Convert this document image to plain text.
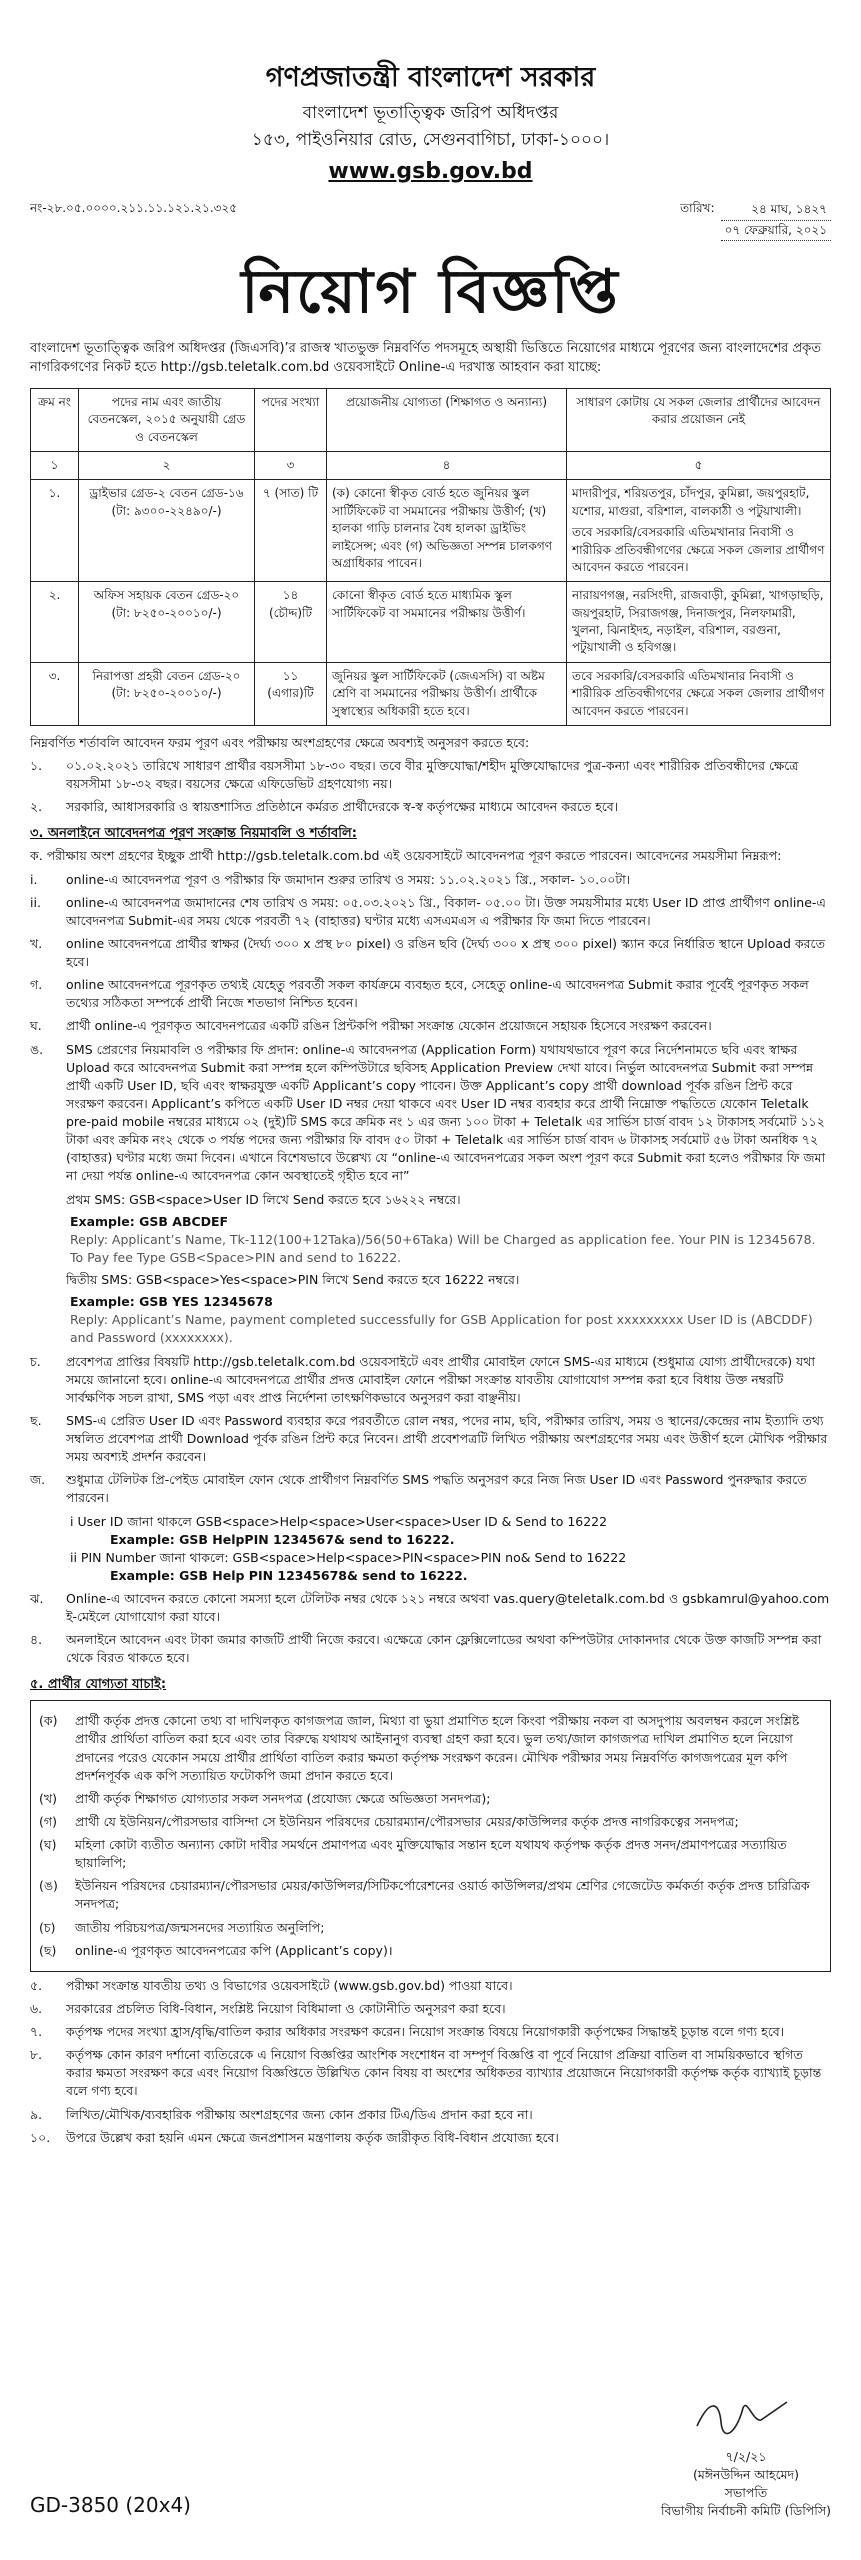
গণপ্রজাতন্ত্রী বাংলাদেশ সরকার
বাংলাদেশ ভূতাত্ত্বিক জরিপ অধিদপ্তর
১৫৩, পাইওনিয়ার রোড, সেগুনবাগিচা, ঢাকা-১০০০।
www.gsb.gov.bd
নং-২৮.০৫.০০০০.২১১.১১.১২১.২১.৩২৫	তারিখ:	২৪ মাঘ, ১৪২৭
০৭ ফেব্রুয়ারি, ২০২১
নিয়োগ বিজ্ঞপ্তি
বাংলাদেশ ভূতাত্ত্বিক জরিপ অধিদপ্তর (জিএসবি)’র রাজস্ব খাতভুক্ত নিম্নবর্ণিত পদসমূহে অস্থায়ী ভিত্তিতে নিয়োগের মাধ্যমে পূরণের জন্য বাংলাদেশের প্রকৃত নাগরিকগণের নিকট হতে http://gsb.teletalk.com.bd ওয়েবসাইটে Online-এ দরখাস্ত আহবান করা যাচ্ছে:
ক্রম নং	পদের নাম এবং জাতীয় বেতনস্কেল, ২০১৫ অনুযায়ী গ্রেড ও বেতনস্কেল	পদের সংখ্যা	প্রয়োজনীয় যোগ্যতা (শিক্ষাগত ও অন্যান্য)	সাধারণ কোটায় যে সকল জেলার প্রার্থীদের আবেদন করার প্রয়োজন নেই
১	২	৩	৪	৫
১.	ড্রাইভার গ্রেড-২ বেতন গ্রেড-১৬ (টা: ৯৩০০-২২৪৯০/-)	৭ (সাত) টি	(ক) কোনো স্বীকৃত বোর্ড হতে জুনিয়র স্কুল সার্টিফিকেট বা সমমানের পরীক্ষায় উত্তীর্ণ; (খ) হালকা গাড়ি চালনার বৈধ হালকা ড্রাইভিং লাইসেন্স; এবং (গ) অভিজ্ঞতা সম্পন্ন চালকগণ অগ্রাধিকার পাবেন।	মাদারীপুর, শরিয়তপুর, চাঁদপুর, কুমিল্লা, জয়পুরহাট, যশোর, মাগুরা, বরিশাল, বালকাঠী ও পটুয়াখালী।
তবে সরকারি/বেসরকারি এতিমখানার নিবাসী ও শারীরিক প্রতিবন্ধীগণের ক্ষেত্রে সকল জেলার প্রার্থীগণ আবেদন করতে পারবেন।

২.	অফিস সহায়ক বেতন গ্রেড-২০ (টা: ৮২৫০-২০০১০/-)	১৪ (চৌদ্দ)টি	কোনো স্বীকৃত বোর্ড হতে মাধ্যমিক স্কুল সার্টিফিকেট বা সমমানের পরীক্ষায় উত্তীর্ণ।	নারায়ণগঞ্জ, নরসিংদী, রাজবাড়ী, কুমিল্লা, খাগড়াছড়ি, জয়পুরহাট, সিরাজগঞ্জ, দিনাজপুর, নিলফামারী, খুলনা, ঝিনাইদহ, নড়াইল, বরিশাল, বরগুনা, পটুয়াখালী ও হবিগঞ্জ।
৩.	নিরাপত্তা প্রহরী বেতন গ্রেড-২০ (টা: ৮২৫০-২০০১০/-)	১১ (এগার)টি	জুনিয়র স্কুল সার্টিফিকেট (জেএসসি) বা অষ্টম শ্রেণি বা সমমানের পরীক্ষায় উত্তীর্ণ। প্রার্থীকে সুস্বাস্থ্যের অধিকারী হতে হবে।	তবে সরকারি/বেসরকারি এতিমখানার নিবাসী ও শারীরিক প্রতিবন্ধীগণের ক্ষেত্রে সকল জেলার প্রার্থীগণ আবেদন করতে পারবেন।
নিম্নবর্ণিত শর্তাবলি আবেদন ফরম পূরণ এবং পরীক্ষায় অংশগ্রহণের ক্ষেত্রে অবশ্যই অনুসরণ করতে হবে:
১.	০১.০২.২০২১ তারিখে সাধারণ প্রার্থীর বয়সসীমা ১৮-৩০ বছর। তবে বীর মুক্তিযোদ্ধা/শহীদ মুক্তিযোদ্ধাদের পুত্র-কন্যা এবং শারীরিক প্রতিবন্ধীদের ক্ষেত্রে বয়সসীমা ১৮-৩২ বছর। বয়সের ক্ষেত্রে এফিডেভিট গ্রহণযোগ্য নয়।
২.	সরকারি, আধাসরকারি ও স্বায়ত্তশাসিত প্রতিষ্ঠানে কর্মরত প্রার্থীদেরকে স্ব-স্ব কর্তৃপক্ষের মাধ্যমে আবেদন করতে হবে।
৩. অনলাইনে আবেদনপত্র পূরণ সংক্রান্ত নিয়মাবলি ও শর্তাবলি:
ক. পরীক্ষায় অংশ গ্রহণের ইচ্ছুক প্রার্থী http://gsb.teletalk.com.bd এই ওয়েবসাইটে আবেদনপত্র পূরণ করতে পারবেন। আবেদনের সময়সীমা নিম্নরূপ:
i.	online-এ আবেদনপত্র পূরণ ও পরীক্ষার ফি জমাদান শুরুর তারিখ ও সময়: ১১.০২.২০২১ খ্রি., সকাল- ১০.০০টা।
ii.	online-এ আবেদনপত্র জমাদানের শেষ তারিখ ও সময়: ০৫.০৩.২০২১ খ্রি., বিকাল- ০৫.০০ টা। উক্ত সময়সীমার মধ্যে User ID প্রাপ্ত প্রার্থীগণ online-এ আবেদনপত্র Submit-এর সময় থেকে পরবর্তী ৭২ (বাহাত্তর) ঘণ্টার মধ্যে এসএমএস এ পরীক্ষার ফি জমা দিতে পারবেন।
খ.	online আবেদনপত্রে প্রার্থীর স্বাক্ষর (দৈর্ঘ্য ৩০০ x প্রস্থ ৮০ pixel) ও রঙিন ছবি (দৈর্ঘ্য ৩০০ x প্রস্থ ৩০০ pixel) স্ক্যান করে নির্ধারিত স্থানে Upload করতে হবে।
গ.	online আবেদনপত্রে পূরণকৃত তথ্যই যেহেতু পরবর্তী সকল কার্যক্রমে ব্যবহৃত হবে, সেহেতু online-এ আবেদনপত্র Submit করার পূর্বেই পূরণকৃত সকল তথ্যের সঠিকতা সম্পর্কে প্রার্থী নিজে শতভাগ নিশ্চিত হবেন।
ঘ.	প্রার্থী online-এ পূরণকৃত আবেদনপত্রের একটি রঙিন প্রিন্টকপি পরীক্ষা সংক্রান্ত যেকোন প্রয়োজনে সহায়ক হিসেবে সংরক্ষণ করবেন।
ঙ.	SMS প্রেরণের নিয়মাবলি ও পরীক্ষার ফি প্রদান: online-এ আবেদনপত্র (Application Form) যথাযথভাবে পূরণ করে নির্দেশনামতে ছবি এবং স্বাক্ষর Upload করে আবেদনপত্র Submit করা সম্পন্ন হলে কম্পিউটারে ছবিসহ Application Preview দেখা যাবে। নির্ভুল আবেদনপত্র Submit করা সম্পন্ন প্রার্থী একটি User ID, ছবি এবং স্বাক্ষরযুক্ত একটি Applicant’s copy পাবেন। উক্ত Applicant’s copy প্রার্থী download পূর্বক রঙিন প্রিন্ট করে সংরক্ষণ করবেন। Applicant’s কপিতে একটি User ID নম্বর দেয়া থাকবে এবং User ID নম্বর ব্যবহার করে প্রার্থী নিম্নোক্ত পদ্ধতিতে যেকোন Teletalk pre-paid mobile নম্বরের মাধ্যমে ০২ (দুই)টি SMS করে ক্রমিক নং ১ এর জন্য ১০০ টাকা + Teletalk এর সার্ভিস চার্জ বাবদ ১২ টাকাসহ সর্বমোট ১১২ টাকা এবং ক্রমিক নং২ থেকে ৩ পর্যন্ত পদের জন্য পরীক্ষার ফি বাবদ ৫০ টাকা + Teletalk এর সার্ভিস চার্জ বাবদ ৬ টাকাসহ সর্বমোট ৫৬ টাকা অনধিক ৭২ (বাহাত্তর) ঘণ্টার মধ্যে জমা দিবেন। এখানে বিশেষভাবে উল্লেখ্য যে “online-এ আবেদনপত্রের সকল অংশ পূরণ করে Submit করা হলেও পরীক্ষার ফি জমা না দেয়া পর্যন্ত online-এ আবেদনপত্র কোন অবস্থাতেই গৃহীত হবে না”
প্রথম SMS: GSB<space>User ID লিখে Send করতে হবে ১৬২২২ নম্বরে।
Example: GSB ABCDEF
Reply: Applicant’s Name, Tk-112(100+12Taka)/56(50+6Taka) Will be Charged as application fee. Your PIN is 12345678. To Pay fee Type GSB<Space>PIN and send to 16222.
দ্বিতীয় SMS: GSB<space>Yes<space>PIN লিখে Send করতে হবে 16222 নম্বরে।
Example: GSB YES 12345678
Reply: Applicant’s Name, payment completed successfully for GSB Application for post xxxxxxxxx User ID is (ABCDDF) and Password (xxxxxxxx).
চ.	প্রবেশপত্র প্রাপ্তির বিষয়টি http://gsb.teletalk.com.bd ওয়েবসাইটে এবং প্রার্থীর মোবাইল ফোনে SMS-এর মাধ্যমে (শুধুমাত্র যোগ্য প্রার্থীদেরকে) যথা সময়ে জানানো হবে। online-এ আবেদনপত্রে প্রার্থীর প্রদত্ত মোবাইল ফোনে পরীক্ষা সংক্রান্ত যাবতীয় যোগাযোগ সম্পন্ন করা হবে বিধায় উক্ত নম্বরটি সার্বক্ষণিক সচল রাখা, SMS পড়া এবং প্রাপ্ত নির্দেশনা তাৎক্ষণিকভাবে অনুসরণ করা বাঞ্ছনীয়।
ছ.	SMS-এ প্রেরিত User ID এবং Password ব্যবহার করে পরবর্তীতে রোল নম্বর, পদের নাম, ছবি, পরীক্ষার তারিখ, সময় ও স্থানের/কেন্দ্রের নাম ইত্যাদি তথ্য সম্বলিত প্রবেশপত্র প্রার্থী Download পূর্বক রঙিন প্রিন্ট করে নিবেন। প্রার্থী প্রবেশপত্রটি লিখিত পরীক্ষায় অংশগ্রহণের সময় এবং উত্তীর্ণ হলে মৌখিক পরীক্ষার সময় অবশ্যই প্রদর্শন করবেন।
জ.	শুধুমাত্র টেলিটক প্রি-পেইড মোবাইল ফোন থেকে প্রার্থীগণ নিম্নবর্ণিত SMS পদ্ধতি অনুসরণ করে নিজ নিজ User ID এবং Password পুনরুদ্ধার করতে পারবেন।
i User ID জানা থাকলে GSB<space>Help<space>User<space>User ID & Send to 16222
Example: GSB HelpPIN 1234567& send to 16222.
ii PIN Number জানা থাকলে: GSB<space>Help<space>PIN<space>PIN no& Send to 16222
Example: GSB Help PIN 12345678& send to 16222.
ঝ.	Online-এ আবেদন করতে কোনো সমস্যা হলে টেলিটক নম্বর থেকে ১২১ নম্বরে অথবা vas.query@teletalk.com.bd ও gsbkamrul@yahoo.com ই-মেইলে যোগাযোগ করা যাবে।
৪.	অনলাইনে আবেদন এবং টাকা জমার কাজটি প্রার্থী নিজে করবে। এক্ষেত্রে কোন ফ্লেক্সিলোডের অথবা কম্পিউটার দোকানদার থেকে উক্ত কাজটি সম্পন্ন করা থেকে বিরত থাকতে হবে।
৫. প্রার্থীর যোগ্যতা যাচাই:
(ক)	প্রার্থী কর্তৃক প্রদত্ত কোনো তথ্য বা দাখিলকৃত কাগজপত্র জাল, মিথ্যা বা ভুয়া প্রমাণিত হলে কিংবা পরীক্ষায় নকল বা অসদুপায় অবলম্বন করলে সংশ্লিষ্ট প্রার্থীর প্রার্থিতা বাতিল করা হবে এবং তার বিরুদ্ধে যথাযথ আইনানুগ ব্যবস্থা গ্রহণ করা হবে। ভুল তথ্য/জাল কাগজপত্র দাখিল প্রমাণিত হলে নিয়োগ প্রদানের পরেও যেকোন সময়ে প্রার্থীর প্রার্থিতা বাতিল করার ক্ষমতা কর্তৃপক্ষ সংরক্ষণ করেন। মৌখিক পরীক্ষার সময় নিম্নবর্ণিত কাগজপত্রের মূল কপি প্রদর্শনপূর্বক এক কপি সত্যায়িত ফটোকপি জমা প্রদান করতে হবে।
(খ)	প্রার্থী কর্তৃক শিক্ষাগত যোগ্যতার সকল সনদপত্র (প্রযোজ্য ক্ষেত্রে অভিজ্ঞতা সনদপত্র);
(গ)	প্রার্থী যে ইউনিয়ন/পৌরসভার বাসিন্দা সে ইউনিয়ন পরিষদের চেয়ারম্যান/পৌরসভার মেয়র/কাউন্সিলর কর্তৃক প্রদত্ত নাগরিকত্বের সনদপত্র;
(ঘ)	মহিলা কোটা ব্যতীত অন্যান্য কোটা দাবীর সমর্থনে প্রমাণপত্র এবং মুক্তিযোদ্ধার সন্তান হলে যথাযথ কর্তৃপক্ষ কর্তৃক প্রদত্ত সনদ/প্রমাণপত্রের সত্যায়িত ছায়ালিপি;
(ঙ)	ইউনিয়ন পরিষদের চেয়ারম্যান/পৌরসভার মেয়র/কাউন্সিলর/সিটিকর্পোরেশনের ওয়ার্ড কাউন্সিলর/প্রথম শ্রেণির গেজেটেড কর্মকর্তা কর্তৃক প্রদত্ত চারিত্রিক সনদপত্র;
(চ)	জাতীয় পরিচয়পত্র/জন্মসনদের সত্যায়িত অনুলিপি;
(ছ)	online-এ পূরণকৃত আবেদনপত্রের কপি (Applicant’s copy)।
৫.	পরীক্ষা সংক্রান্ত যাবতীয় তথ্য ও বিভাগের ওয়েবসাইটে (www.gsb.gov.bd) পাওয়া যাবে।
৬.	সরকারের প্রচলিত বিধি-বিধান, সংশ্লিষ্ট নিয়োগ বিধিমালা ও কোটানীতি অনুসরণ করা হবে।
৭.	কর্তৃপক্ষ পদের সংখ্যা হ্রাস/বৃদ্ধি/বাতিল করার অধিকার সংরক্ষণ করেন। নিয়োগ সংক্রান্ত বিষয়ে নিয়োগকারী কর্তৃপক্ষের সিদ্ধান্তই চূড়ান্ত বলে গণ্য হবে।
৮.	কর্তৃপক্ষ কোন কারণ দর্শানো ব্যতিরেকে এ নিয়োগ বিজ্ঞপ্তির আংশিক সংশোধন বা সম্পূর্ণ বিজ্ঞপ্তি বা পূর্বে নিয়োগ প্রক্রিয়া বাতিল বা সাময়িকভাবে স্থগিত করার ক্ষমতা সংরক্ষণ করে এবং নিয়োগ বিজ্ঞপ্তিতে উল্লিখিত কোন বিষয় বা অংশের অধিকতর ব্যাখ্যার প্রয়োজনে নিয়োগকারী কর্তৃপক্ষ কর্তৃক ব্যাখ্যাই চূড়ান্ত বলে গণ্য হবে।
৯.	লিখিত/মৌখিক/ব্যবহারিক পরীক্ষায় অংশগ্রহণের জন্য কোন প্রকার টিএ/ডিএ প্রদান করা হবে না।
১০.	উপরে উল্লেখ করা হয়নি এমন ক্ষেত্রে জনপ্রশাসন মন্ত্রণালয় কর্তৃক জারীকৃত বিধি-বিধান প্রযোজ্য হবে।
GD-3850 (20x4)
৭/২/২১
(মঈনউদ্দিন আহমেদ)
সভাপতি
বিভাগীয় নির্বাচনী কমিটি (ডিপিসি)
